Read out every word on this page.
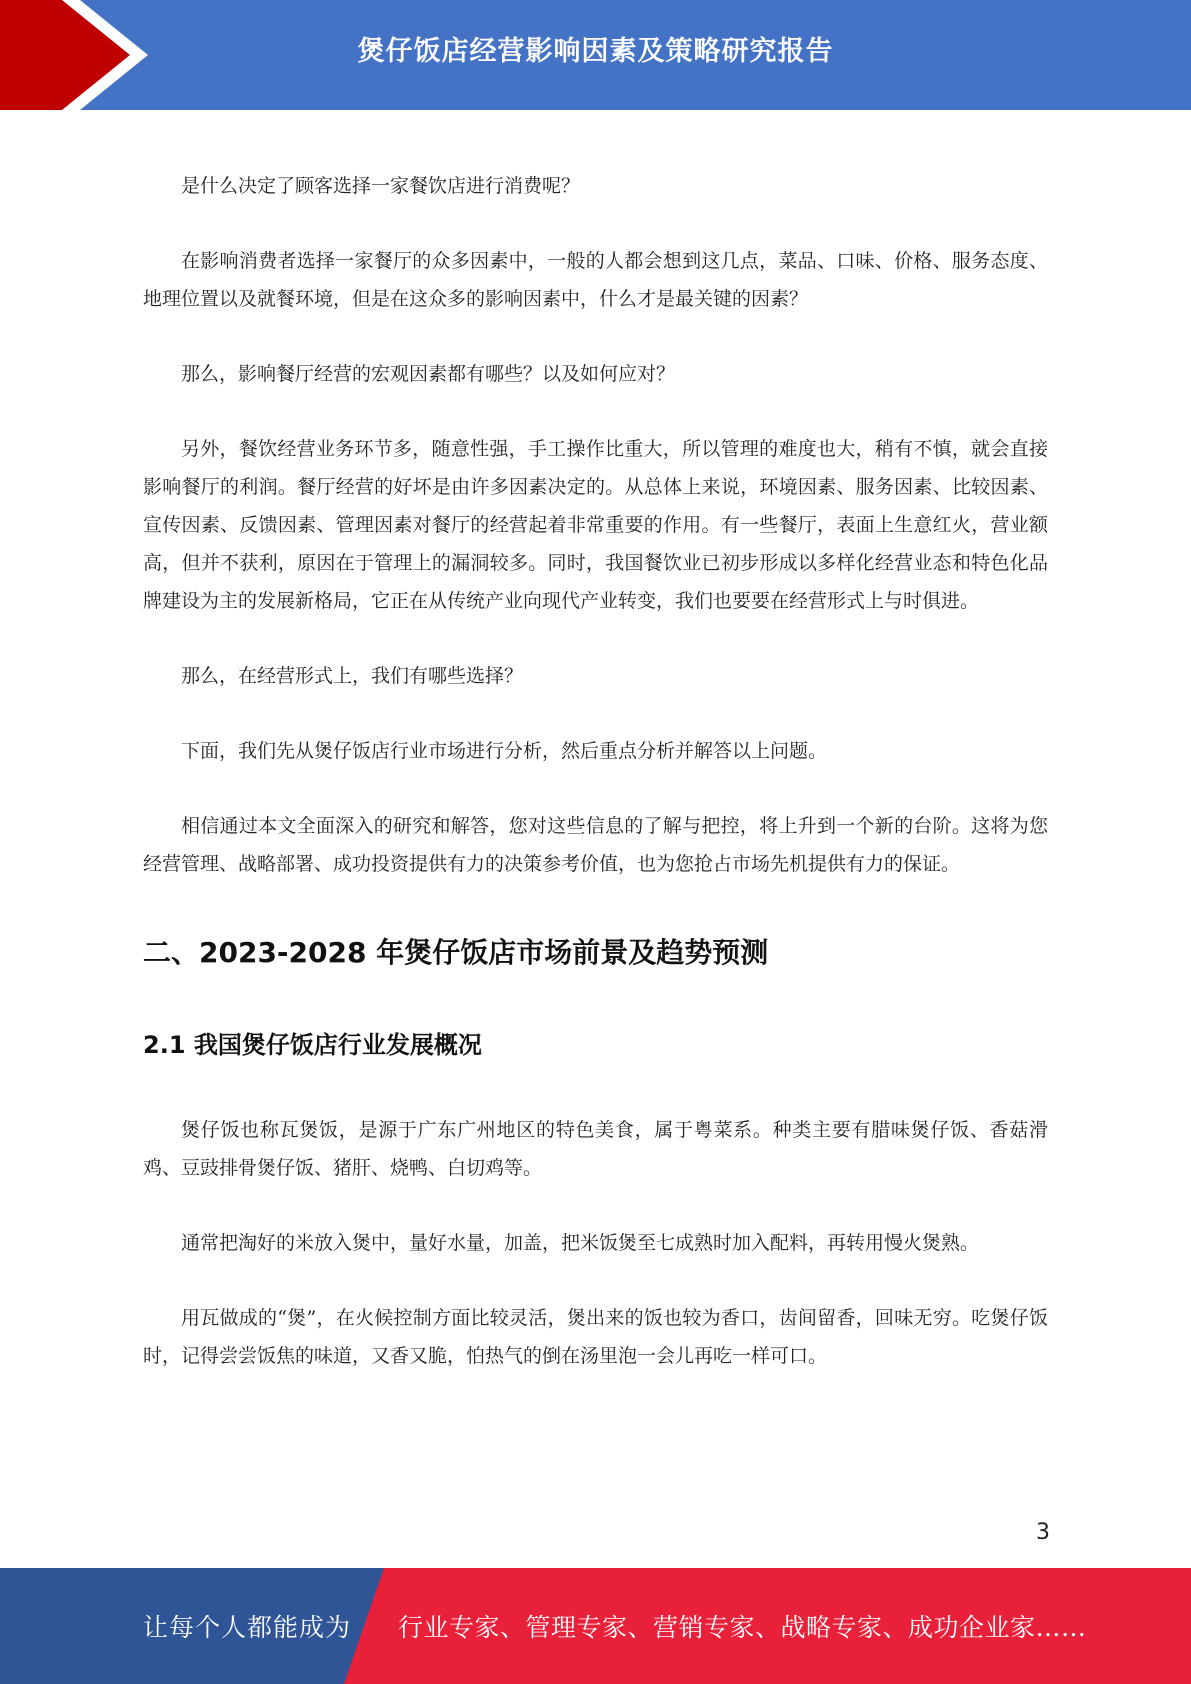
煲仔饭店经营影响因素及策略研究报告

是什么决定了顾客选择一家餐饮店进行消费呢？

在影响消费者选择一家餐厅的众多因素中，一般的人都会想到这几点，菜品、口味、价格、服务态度、地理位置以及就餐环境，但是在这众多的影响因素中，什么才是最关键的因素？

那么，影响餐厅经营的宏观因素都有哪些？以及如何应对？

另外，餐饮经营业务环节多，随意性强，手工操作比重大，所以管理的难度也大，稍有不慎，就会直接影响餐厅的利润。餐厅经营的好坏是由许多因素决定的。从总体上来说，环境因素、服务因素、比较因素、宣传因素、反馈因素、管理因素对餐厅的经营起着非常重要的作用。有一些餐厅，表面上生意红火，营业额高，但并不获利，原因在于管理上的漏洞较多。同时，我国餐饮业已初步形成以多样化经营业态和特色化品牌建设为主的发展新格局，它正在从传统产业向现代产业转变，我们也要要在经营形式上与时俱进。

那么，在经营形式上，我们有哪些选择？

下面，我们先从煲仔饭店行业市场进行分析，然后重点分析并解答以上问题。

相信通过本文全面深入的研究和解答，您对这些信息的了解与把控，将上升到一个新的台阶。这将为您经营管理、战略部署、成功投资提供有力的决策参考价值，也为您抢占市场先机提供有力的保证。

二、2023-2028 年煲仔饭店市场前景及趋势预测
2.1 我国煲仔饭店行业发展概况

煲仔饭也称瓦煲饭，是源于广东广州地区的特色美食，属于粤菜系。种类主要有腊味煲仔饭、香菇滑鸡、豆豉排骨煲仔饭、猪肝、烧鸭、白切鸡等。

通常把淘好的米放入煲中，量好水量，加盖，把米饭煲至七成熟时加入配料，再转用慢火煲熟。

用瓦做成的“煲”，在火候控制方面比较灵活，煲出来的饭也较为香口，齿间留香，回味无穷。吃煲仔饭时，记得尝尝饭焦的味道，又香又脆，怕热气的倒在汤里泡一会儿再吃一样可口。

3
让每个人都能成为 行业专家、管理专家、营销专家、战略专家、成功企业家……
